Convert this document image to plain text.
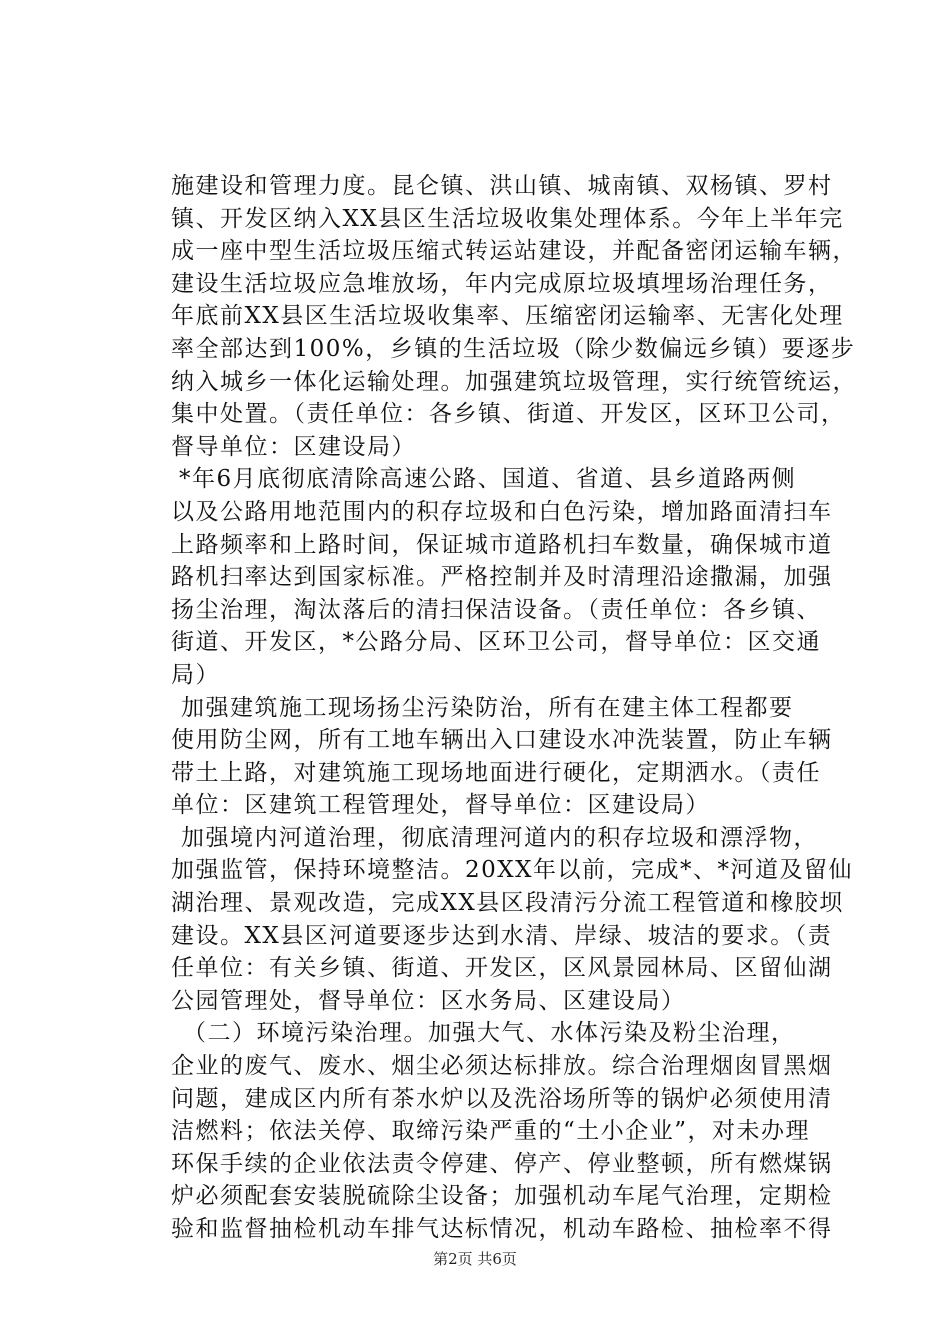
施建设和管理力度。昆仑镇、洪山镇、城南镇、双杨镇、罗村
镇、开发区纳入XX县区生活垃圾收集处理体系。今年上半年完
成一座中型生活垃圾压缩式转运站建设，并配备密闭运输车辆，
建设生活垃圾应急堆放场，年内完成原垃圾填埋场治理任务，
年底前XX县区生活垃圾收集率、压缩密闭运输率、无害化处理
率全部达到100%，乡镇的生活垃圾（除少数偏远乡镇）要逐步
纳入城乡一体化运输处理。加强建筑垃圾管理，实行统管统运，
集中处置。（责任单位：各乡镇、街道、开发区，区环卫公司，
督导单位：区建设局）
*年6月底彻底清除高速公路、国道、省道、县乡道路两侧
以及公路用地范围内的积存垃圾和白色污染，增加路面清扫车
上路频率和上路时间，保证城市道路机扫车数量，确保城市道
路机扫率达到国家标准。严格控制并及时清理沿途撒漏，加强
扬尘治理，淘汰落后的清扫保洁设备。（责任单位：各乡镇、
街道、开发区，*公路分局、区环卫公司，督导单位：区交通
局）
加强建筑施工现场扬尘污染防治，所有在建主体工程都要
使用防尘网，所有工地车辆出入口建设水冲洗装置，防止车辆
带土上路，对建筑施工现场地面进行硬化，定期洒水。（责任
单位：区建筑工程管理处，督导单位：区建设局）
加强境内河道治理，彻底清理河道内的积存垃圾和漂浮物，
加强监管，保持环境整洁。20XX年以前，完成*、*河道及留仙
湖治理、景观改造，完成XX县区段清污分流工程管道和橡胶坝
建设。XX县区河道要逐步达到水清、岸绿、坡洁的要求。（责
任单位：有关乡镇、街道、开发区，区风景园林局、区留仙湖
公园管理处，督导单位：区水务局、区建设局）
（二）环境污染治理。加强大气、水体污染及粉尘治理，
企业的废气、废水、烟尘必须达标排放。综合治理烟囱冒黑烟
问题，建成区内所有茶水炉以及洗浴场所等的锅炉必须使用清
洁燃料；依法关停、取缔污染严重的“土小企业”，对未办理
环保手续的企业依法责令停建、停产、停业整顿，所有燃煤锅
炉必须配套安装脱硫除尘设备；加强机动车尾气治理，定期检
验和监督抽检机动车排气达标情况，机动车路检、抽检率不得
第2页 共6页
